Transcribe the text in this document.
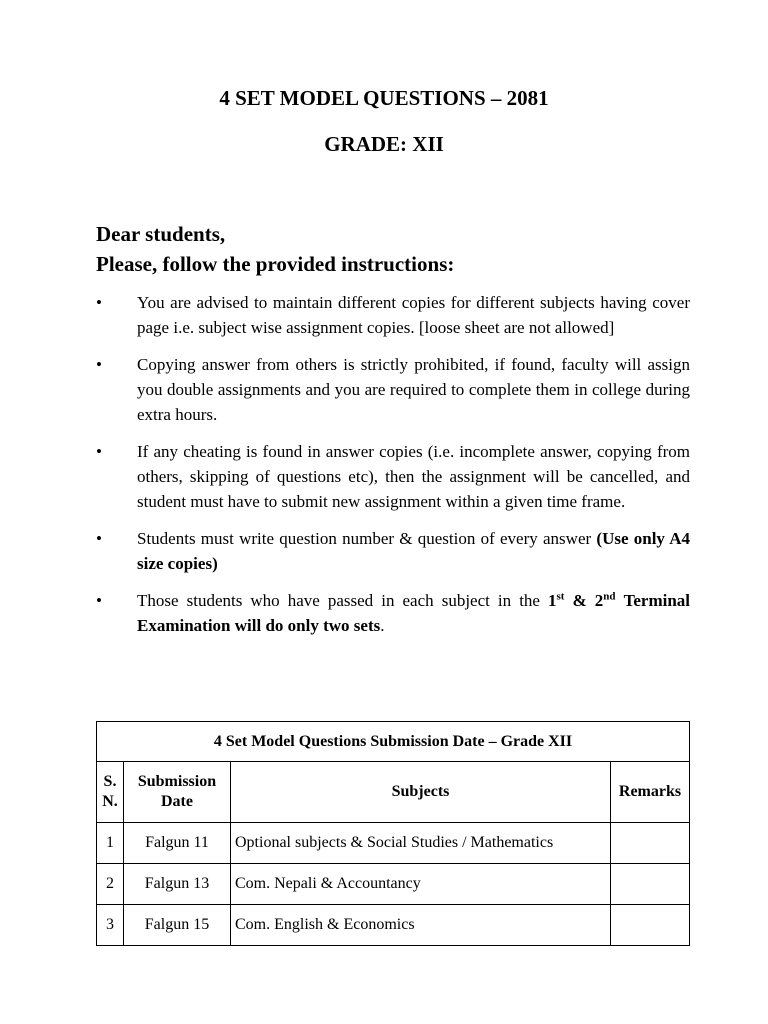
4 SET MODEL QUESTIONS – 2081
GRADE: XII
Dear students,
Please, follow the provided instructions:
• You are advised to maintain different copies for different subjects having cover page i.e. subject wise assignment copies. [loose sheet are not allowed]
• Copying answer from others is strictly prohibited, if found, faculty will assign you double assignments and you are required to complete them in college during extra hours.
• If any cheating is found in answer copies (i.e. incomplete answer, copying from others, skipping of questions etc), then the assignment will be cancelled, and student must have to submit new assignment within a given time frame.
• Students must write question number & question of every answer (Use only A4 size copies)
• Those students who have passed in each subject in the 1st & 2nd Terminal Examination will do only two sets.
4 Set Model Questions Submission Date – Grade XII			
S. N.	Submission Date	Subjects	Remarks
1	Falgun 11	Optional subjects & Social Studies / Mathematics	
2	Falgun 13	Com. Nepali & Accountancy	
3	Falgun 15	Com. English & Economics	
